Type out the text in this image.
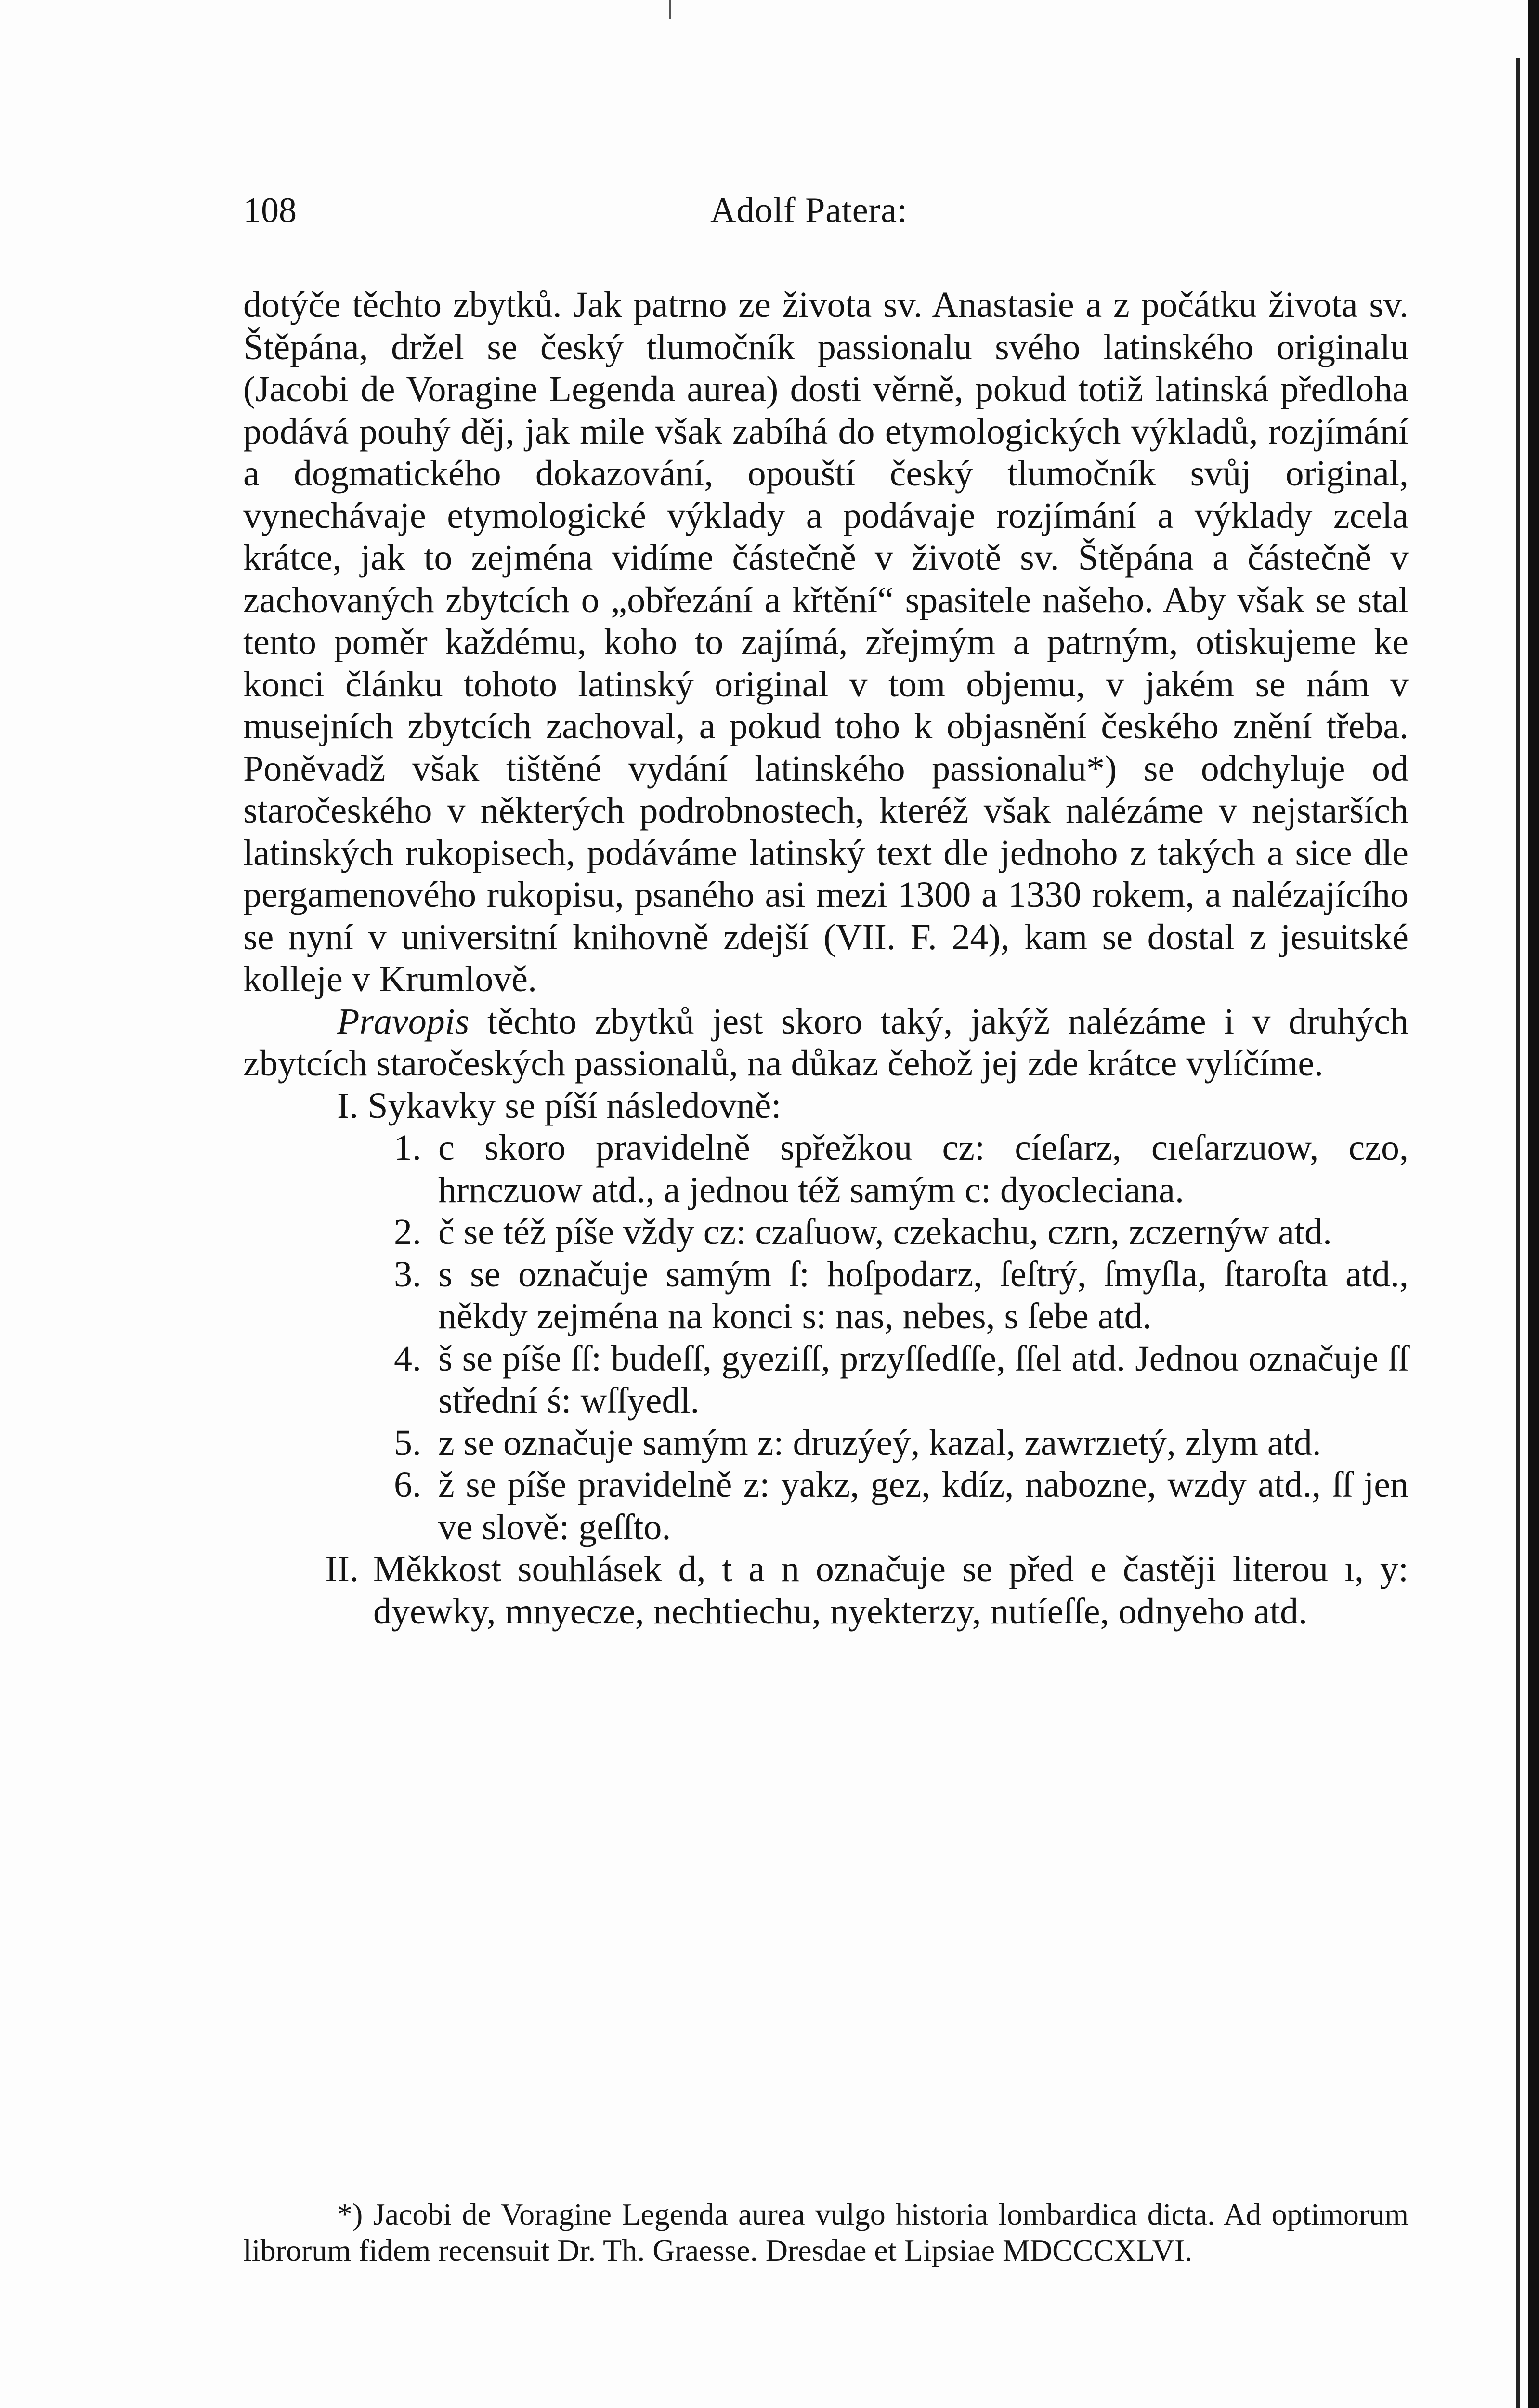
108	Adolf Patera:

dotýče těchto zbytků. Jak patrno ze života sv. Anastasie a z počátku života sv. Štěpána, držel se český tlumočník passionalu svého latinského originalu (Jacobi de Voragine Legenda aurea) dosti věrně, pokud totiž latinská předloha podává pouhý děj, jak mile však zabíhá do etymologických výkladů, rozjímání a dogmatického dokazování, opouští český tlumočník svůj original, vynechávaje etymologické výklady a podávaje rozjímání a výklady zcela krátce, jak to zejména vidíme částečně v životě sv. Štěpána a částečně v zachovaných zbytcích o „obřezání a křtění“ spasitele našeho. Aby však se stal tento poměr každému, koho to zajímá, zřejmým a patrným, otiskujeme ke konci článku tohoto latinský original v tom objemu, v jakém se nám v musejních zbytcích zachoval, a pokud toho k objasnění českého znění třeba. Poněvadž však tištěné vydání latinského passionalu*) se odchyluje od staročeského v některých podrobnostech, kteréž však nalézáme v nejstarších latinských rukopisech, podáváme latinský text dle jednoho z takých a sice dle pergamenového rukopisu, psaného asi mezi 1300 a 1330 rokem, a nalézajícího se nyní v universitní knihovně zdejší (VII. F. 24), kam se dostal z jesuitské kolleje v Krumlově.

Pravopis těchto zbytků jest skoro taký, jakýž nalézáme i v druhých zbytcích staročeských passionalů, na důkaz čehož jej zde krátce vylíčíme.

I. Sykavky se píší následovně:

1. c skoro pravidelně spřežkou cz: cíeſarz, cıeſarzuow, czo, hrnczuow atd., a jednou též samým c: dyocleciana.
2. č se též píše vždy cz: czaſuow, czekachu, czrn, zczernýw atd.
3. s se označuje samým ſ: hoſpodarz, ſeſtrý, ſmyſla, ſtaroſta atd., někdy zejména na konci s: nas, nebes, s ſebe atd.
4. š se píše ſſ: budeſſ, gyeziſſ, przyſſedſſe, ſſel atd. Jednou označuje ſſ střední ś: wſſyedl.
5. z se označuje samým z: druzýeý, kazal, zawrzıetý, zlym atd.
6. ž se píše pravidelně z: yakz, gez, kdíz, nabozne, wzdy atd., ſſ jen ve slově: geſſto.
II. Měkkost souhlásek d, t a n označuje se před e častěji literou ı, y: dyewky, mnyecze, nechtiechu, nyekterzy, nutíeſſe, odnyeho atd.

*) Jacobi de Voragine Legenda aurea vulgo historia lombardica dicta. Ad optimorum librorum fidem recensuit Dr. Th. Graesse. Dresdae et Lipsiae MDCCCXLVI.
